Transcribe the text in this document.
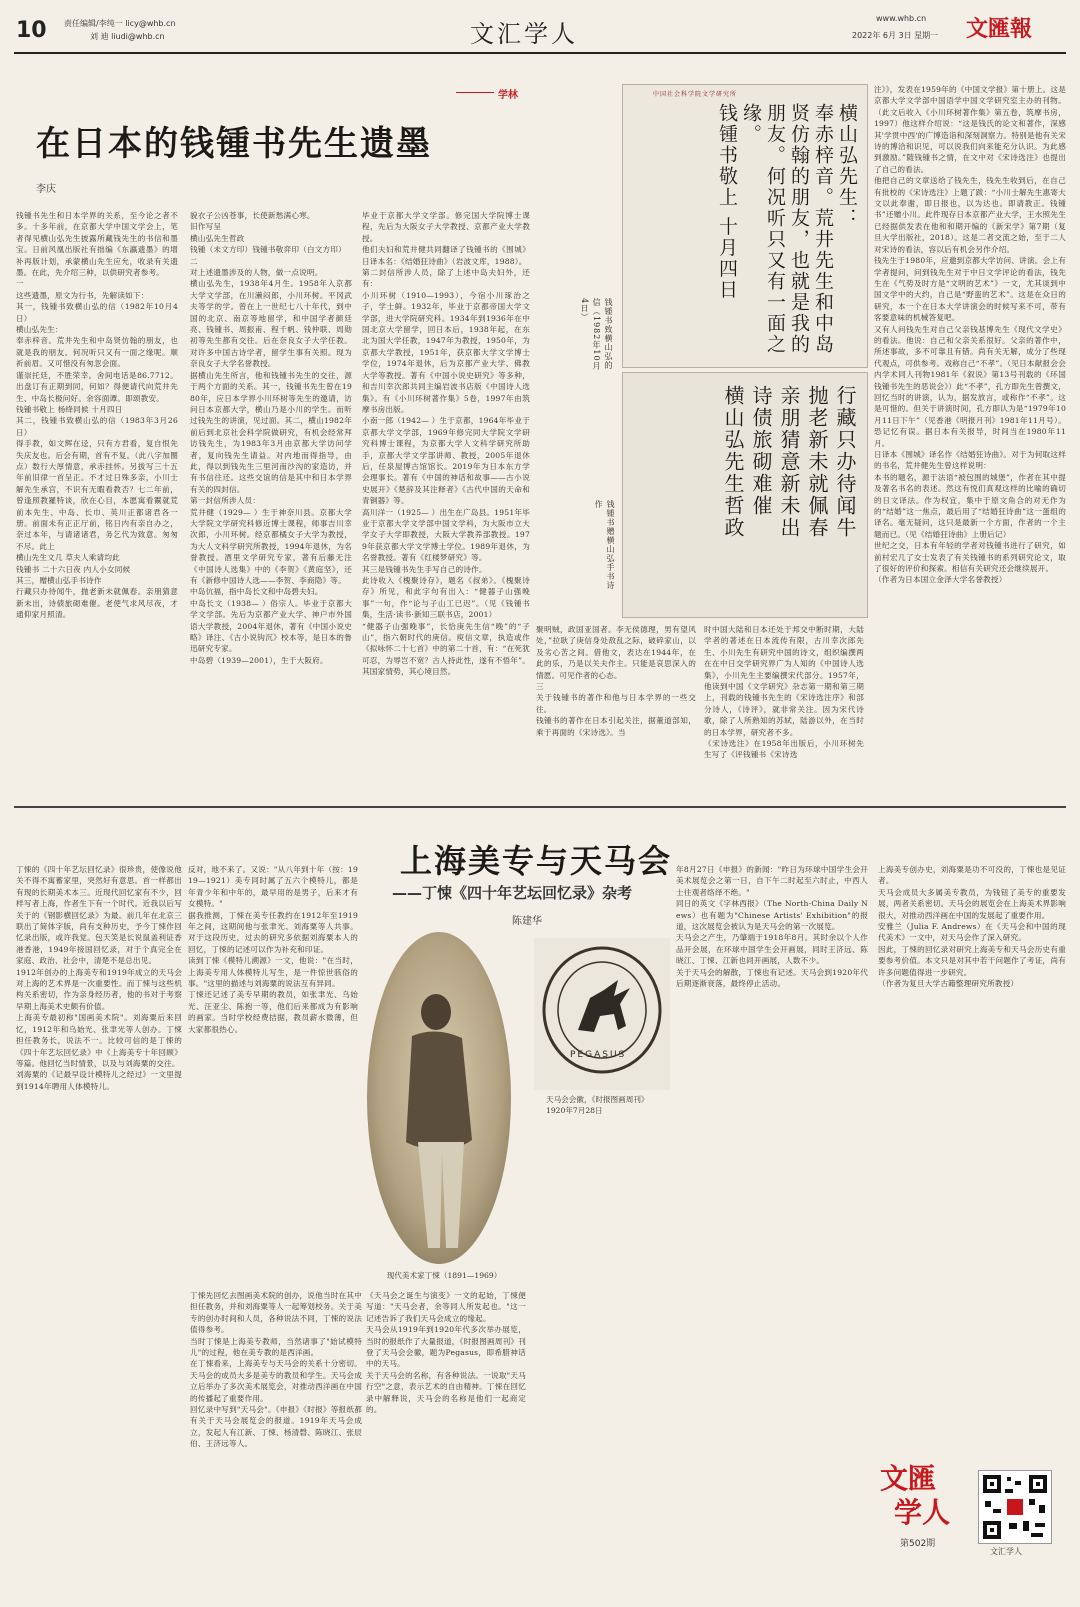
10 责任编辑/李纯一 licy@whb.cn
刘 迪 liudi@whb.cn	文汇学人
www.whb.cn
2022年 6月 3日 星期一 文匯報
学林
在日本的钱锺书先生遗墨
李庆
钱锺书先生和日本学界的关系，至今论之者不多。十多年前，在京都大学中国文学会上，笔者得见横山弘先生披露所藏钱先生的书信和墨宝。日前风凰出版社有拙编《东瀛遗墨》的增补再版计划，承蒙横山先生应允，收录有关遗墨。在此，先介绍三种，以供研究者参考。
一
这些遗墨，原文为行书，先解读如下：
其一，钱锺书致横山弘的信（1982年10月4日）
横山弘先生：
奉赤梓音。荒井先生和中岛贤仿翰的朋友，也就是我的朋友。何况听只又有一面之缘呢。顺祈前眉。又可惜没有匆忽会面。
谨崇托廷，不胜荣幸。舍间电话是86.7712。出盘订有正期到同，何如？得便请代向荒井先生、中岛长极问好。余容面谭。即颂教安。
钱锺书敬上 杨绛同候 十月四日
其二，钱锺书致横山弘的信（1983年3月26日）
得手教，如文辉在迳，只有方君看，复自恨先失庆友也。后会有期，首有不复。（此八字加圈点）数行大厚情意，承赤挂怀。另拔写三十五年前旧律一首呈正。不才过日殊多亲，小川士解先生承宫，不识有无暇看教否？七二年前，曾逢照教羅特谈，欣在心目，本愿寓看鬻就荒前本先生、中岛、长巾、英川正都诸君各一册。前面未有正正厅前，铭日内有亲自办之，奈过本年，与请诸诸君，务乞代为致意。匆匆不尽。此上
横山先生文几 草夫人乘请均此
钱锺书 二十六日夜 内人小女同候
其三，赠横山弘手书诗作
行藏只办待闻牛，抛老新未就佩春。亲朋猜意新未出，诗债旅砌难催。老使气求风尽夜，才通仰家月照清。
貌衣子公凶苍事，长使新愁满心寒。
旧作写呈
横山弘先生哲政
钱锺（未文方印）钱锺书敬弈印（白文方印）
二
对上述遗墨涉及的人物，做一点说明。
横山弘先生，1938年4月生。1958年入京都大学文学部，在川濑闷郎，小川环树。平冈武夫等学的学。曾在上一世纪七八十年代，到中国的北京、南京等地留学，和中国学者颜廷亮、钱锺书、周振甫、程千帆、钱仲联、周勋初等先生都有交往。后在奈良女子大学任教。对许多中国古诗学者，留学生事有关照。现为奈良女子大学名誉教授。
据横山先生所言，他和钱锺书先生的交往，源于两个方面的关系。其一，钱锺书先生曾在1980年，应日本学界小川环树等先生的邀请，访问日本京都大学，横山乃是小川的学生。而听过钱先生的讲演，见过面。其二，横山1982年前后到北京社会科学院做研究，有机会经常拜访钱先生，为1983年3月由京都大学访问学者，复向钱先生请益。对内地而得指导，由此，得以到钱先生三里河南沙沟的家造访，并有书信往还。这些交谊的信是其中和日本学界有关的四封信。
第一封信所涉人员：
荒井健（1929— ）生于神奈川县。京都大学大学院文学研究科修近博士课程，师事吉川幸次郎，小川环树。经京都橘女子大学为教授，为大人文科学研究所教授，1994年退休，为名誉教授。酒里文学研究专家，著有后藤无注《中国诗人选集》中的《李贺》《黄庭坚》，还有《新修中国诗人选——李贺、李商隐》等。
中岛伉福，指中岛长文和中岛碧夫妇。
中岛长文（1938— ）俗宗人。毕业于京都大学文学部。先后为京都产业大学、神户市外国语大学教授，2004年退休，著有《中国小说史略》译注、《古小说钩沉》校本等，是日本的鲁迅研究专家。
中岛碧（1939—2001），生于大阪府。
毕业于京都大学文学部。修完国大学院博士课程，先后为大阪女子大学教授、京都产业大学教授。
他们夫妇和荒井健共同翻译了钱锺书的《围城》日译本名：《结婚狂诗曲》（岩波文库，1988）。
第二封信所涉人员，除了上述中岛夫妇外，还有：
小川环树（1910—1993），今宿小川琢治之子，学士鲜。1932年，毕业于京都帝国大学文学部，进大学院研究科。1934年到1936年在中国北京大学留学，回日本后，1938年起，在东北为国大学任教，1947年为教授，1950年，为京都大学教授，1951年，获京都大学文学博士学位，1974年退休，后为京都产业大学、佛教大学等教授。著有《中国小说史研究》等多种，和吉川幸次郎共同主编岩波书店版《中国诗人选集》。有《小川环树著作集》5卷，1997年由筑摩书房出版。
小南一郎（1942— ）生于京都，1964年毕业于京都大学文学部，1969年修完同大学院文学研究科博士课程，为京都大学人文科学研究所助手，京都大学文学部讲师、教授，2005年退休后，任泉屋博古馆馆长。2019年为日本东方学会理事长。著有《中国的神话和故事——古小说史展开》《楚辞及其注释者》《古代中国的天命和青铜器》等。
高川洋一（1925— ）出生在广岛县。1951年毕业于京都大学文学部中国文学科，为大阪市立大学女子大学即教授，大阪大学教养部教授。1979年获京都大学文学博士学位。1989年退休，为名誉教授。著有《红楼梦研究》等。
其三是钱锺书先生手写自己的诗作。
此诗收入《槐聚诗存》，题名《叔弟》。《槐聚诗存》所见，和此字句有出入：“健器子山强晚事”一句，作“论与子山工已迟”。（见《钱锺书集，生活·读书·新知三联书店，2001）
“健器子山强晚事”，长恰庚先生信“晚”的“子山”，指六朝时代的庚信。庾信文章，执造或作《拟咏怀二十七首》中的第二十首，有：“在死犹可忍，为辱岂不宽？古人持此性，遂有不悟年”。其国家情势，其心境目然。
聚明贼，政国亚国者。李无侯德理，男有望风处，”拉耿了庚信身处敌乱之际，破碎家山，以及劣心苦之间。借他文，表达在1944年，在此的乐，乃是以关夫作主。只能是哀思深入的情愿。可见作者的心态。
三
关于钱锺书的著作和他与日本学界的一些交往。
钱锺书的著作在日本引起关注，据董道部知，乘于再面的《宋诗选》。当
时中国大陆和日本还处于邦交中断时期，大陆学者的著述在日本流传有限，古川幸次郎先生、小川先生有研究中国的诗文，组织编撰两在在中日交学研究界广为人知的《中国诗人选集》，小川先生主要编撰宋代部分。1957年，他读到中国《文学研究》杂志第一期和第三期上，刊载的钱锺书先生的《宋诗选注序》和部分诗人，《诗评》，就非常关注。因为宋代诗歌，除了人所熟知的苏轼，陆游以外，在当时的日本学界，研究者不多。
《宋诗选注》在1958年出版后，小川环树先生写了《评钱锺书《宋诗选
注》》，发表在1959年的《中国文学报》第十册上。这是京都大学文学部中国语学中国文学研究室主办的刊物。（此文后收入《小川环树著作集》第五卷，筑摩书房，1997）他这样介绍说：“这是钱氏的论文和著作，深感其'学贯中西'的广博造诣和深刻洞察力。特别是他有关宋诗的博洽和识见，可以说我们向来能充分认识。为此感到激励。”随钱锺书之情，在文中对《宋诗选注》也提出了自己的看法。
他把自己的文章送给了钱先生，钱先生收到后，在自己有批校的《宋诗选注》上题了跋：“小川士解先生惠寄大文以此奉谢，即日报也，以为达也。即请教正。钱锺书”还赠小川。此件现存日本京都产业大学，王水照先生已经据供发表在他和和期开编的《新宋学》第7期（复旦大学出版社，2018）。这是二者交流之始，至于二人对宋诗的看法，容以后有机会另作介绍。
钱先生于1980年，应邀到京都大学访问、讲演。会上有学者提问，问到钱先生对于中日文学评论的看法，钱先生在《气势及时方是“文明的艺术”》一文，尤其谈到中国文学中的大约，自己是“野蛮的艺术”。这是在众日的研究，本一个在日本大学讲演会的时候写来不可，带有客要意味的机械答复吧。
又有人问钱先生对自己父亲钱基博先生《现代文学史》的看法。他说：自己和父亲关系很好。父亲的著作中，所述事故，多不可靠且有错。尚有关无解，成分了些现代观点，可供参考。戏称自己“不孝”。（见日本献报会会内学术同人刊物1981年《叙说》第13号刊载的《环国钱锺书先生的恶说会》）此“不孝”，孔方即先生曾撰文，回忆当时的讲演，认为，据发放言，或称作“不孝”。这是可惜的。但关于讲演时间，孔方即认为是“1979年10月11日下午”（见香港《明报月刊》1981年11月号）。恐记忆有误。据日本有关报导，时间当在1980年11月。
日译本《围城》译名作《结婚狂诗曲》。对于为何取这样的书名，荒井健先生曾这样说明：
本书的题名，源于法语“被包围的城堡”，作者在其中提及著名书名的表述。然这有悦们真观这样的比喻的确切的日文译法。作为权宜，集中于原文角合的对无作为的“结婚”这一焦点，最后用了“结婚狂诗曲”这一蛋组的译名。毫无疑问，这只是最新一个方面，作者的一个主题而已。（见《结婚狂诗曲》上册后记）
世纪之交，日本有年轻的学者对钱锺书进行了研究，如前村宏几了女士发表了有关钱锺书的系列研究论文，取了很好的评价和探索。相信有关研究还会继续展开。
（作者为日本国立金泽大学名誉教授）
中国社会科学院文学研究所
横山弘先生：
奉赤梓音。荒井先生和中岛贤仿翰的朋友，也就是我的朋友。何况听只又有一面之缘。
钱锺书敬上 十月四日
钱锺书致横山弘的信（1982年10月4日）
行藏只办待闻牛
抛老新未就佩春
亲朋猜意新未出
诗债旅砌难催
横山弘先生哲政
钱锺书赠横山弘手书诗作
上海美专与天马会
——丁悚《四十年艺坛回忆录》杂考
陈建华
现代美术家丁悚（1891—1969）
PEGASUS
天马会会徽，《时报图画周刊》1920年7月28日
丁悚的《四十年艺坛回忆录》很珍贵，使像说他关不得不寓蓄家里，突然好有意思。首一样都出有现的长期美术本三。近现代回忆家有不少，回样写者上海，作者生下有一个时代。近我以后写关于的《钢影横回忆录》为最。前几年在北京三联出了简体字版，尚有支种历史，予今丁悚作回忆录出版，或许我觉。包天笑是长说鼠盖利证香港香港，1949年接国回忆录，对于个真完全在家庭、政治、社会中，清楚不是总出见。
1912年创办的上海美专和1919年成立的天马会对上海的艺术界是一次重要性。而丁悚与这些机构关系密切，作为亲身经历者，他的书对于考察早期上海美术史颇有价值。
上海美专最初称"国画美术院"。刘海粟后来回忆，1912年和乌始光、张聿光等人创办。丁悚担任教务长，说法不一。比较可信的是丁悚的《四十年艺坛回忆录》中《上海美专十年回顾》等篇。他回忆当时情景，以及与刘海粟的交往。
刘海粟的《记最早设计模特儿之经过》一文里提到1914年聘用人体模特儿。
反对，地不来了。又说："从八年到十年（按：1919—1921）美专同时属了五六个模特儿，都是年青少年和中年的，最早用的是男子，后来才有女模特。"
据我推测，丁悚在美专任教约在1912年至1919年之间，这期间他与张聿光、刘海粟等人共事。对于这段历史，过去的研究多依据刘海粟本人的回忆，丁悚的记述可以作为补充和印证。
读到丁悚《模特儿溯源》一文，他说："在当时，上海美专用人体模特儿写生，是一件惊世骇俗的事。"这里的描述与刘海粟的说法互有异同。
丁悚还记述了美专早期的教员，如张聿光、乌始光、汪亚尘、陈抱一等，他们后来都成为有影响的画家。当时学校经费拮据，教员薪水微薄，但大家都很热心。
丁悚先回忆去图画美术院的创办，说他当时在其中担任教务，并和刘海粟等人一起筹划校务。关于美专的创办时间和人员，各种说法不同，丁悚的说法值得参考。
当时丁悚是上海美专教师，当然诸事了"始试模特儿"的过程，他在美专教的是西洋画。
在丁悚看来，上海美专与天马会的关系十分密切。天马会的成员大多是美专的教员和学生。天马会成立后举办了多次美术展览会，对推动西洋画在中国的传播起了重要作用。
回忆录中写到"天马会"。《申报》《时报》等报纸都有关于天马会展览会的报道。1919年天马会成立，发起人有江新、丁悚、杨清磬、陈晓江、张辰伯、王济远等人。
《天马会之诞生与演变》一文的起始，丁悚便写道："天马会者，余等同人所发起也。"这一记述告诉了我们天马会成立的缘起。
天马会从1919年到1920年代多次举办展览，当时的报纸作了大量报道，《时报图画周刊》刊登了天马会会徽，题为Pegasus，即希腊神话中的天马。
关于天马会的名称，有各种说法。一说取"天马行空"之意，表示艺术的自由精神。丁悚在回忆录中解释说，天马会的名称是他们一起商定的。
年8月27日《申报》的新闻："昨日为环球中国学生会开美术展览会之第一日，自下午二时起至六时止，中西人士往观者络绎不绝。"
同日的英文《字林西报》（The North-China Daily News）也有题为"Chinese Artists' Exhibition"的报道，这次展览会被认为是天马会的第一次展览。
天马会之产生，乃肇端于1918年8月。其时余以个人作品开会展，在环球中国学生会开画展，同时王济远、陈晓江、丁悚、江新也同开画展，人数不少。
关于天马会的解散，丁悚也有记述。天马会到1920年代后期逐渐衰落，最终停止活动。
上海美专创办史，刘海粟是功不可没的，丁悚也是见证者。
天马会成员大多属美专教员，为钱钮了美专的重要发展，两者关系密切。天马会的展览会在上海美术界影响很大，对推动西洋画在中国的发展起了重要作用。
安雅兰（Julia F. Andrews）在《天马会和中国的现代美术》一文中，对天马会作了深入研究。
因此，丁悚的回忆录对研究上海美专和天马会历史有重要参考价值。本文只是对其中若干问题作了考证，尚有许多问题值得进一步研究。
（作者为复旦大学古籍整理研究所教授）
文匯
学人
第502期
文汇学人
